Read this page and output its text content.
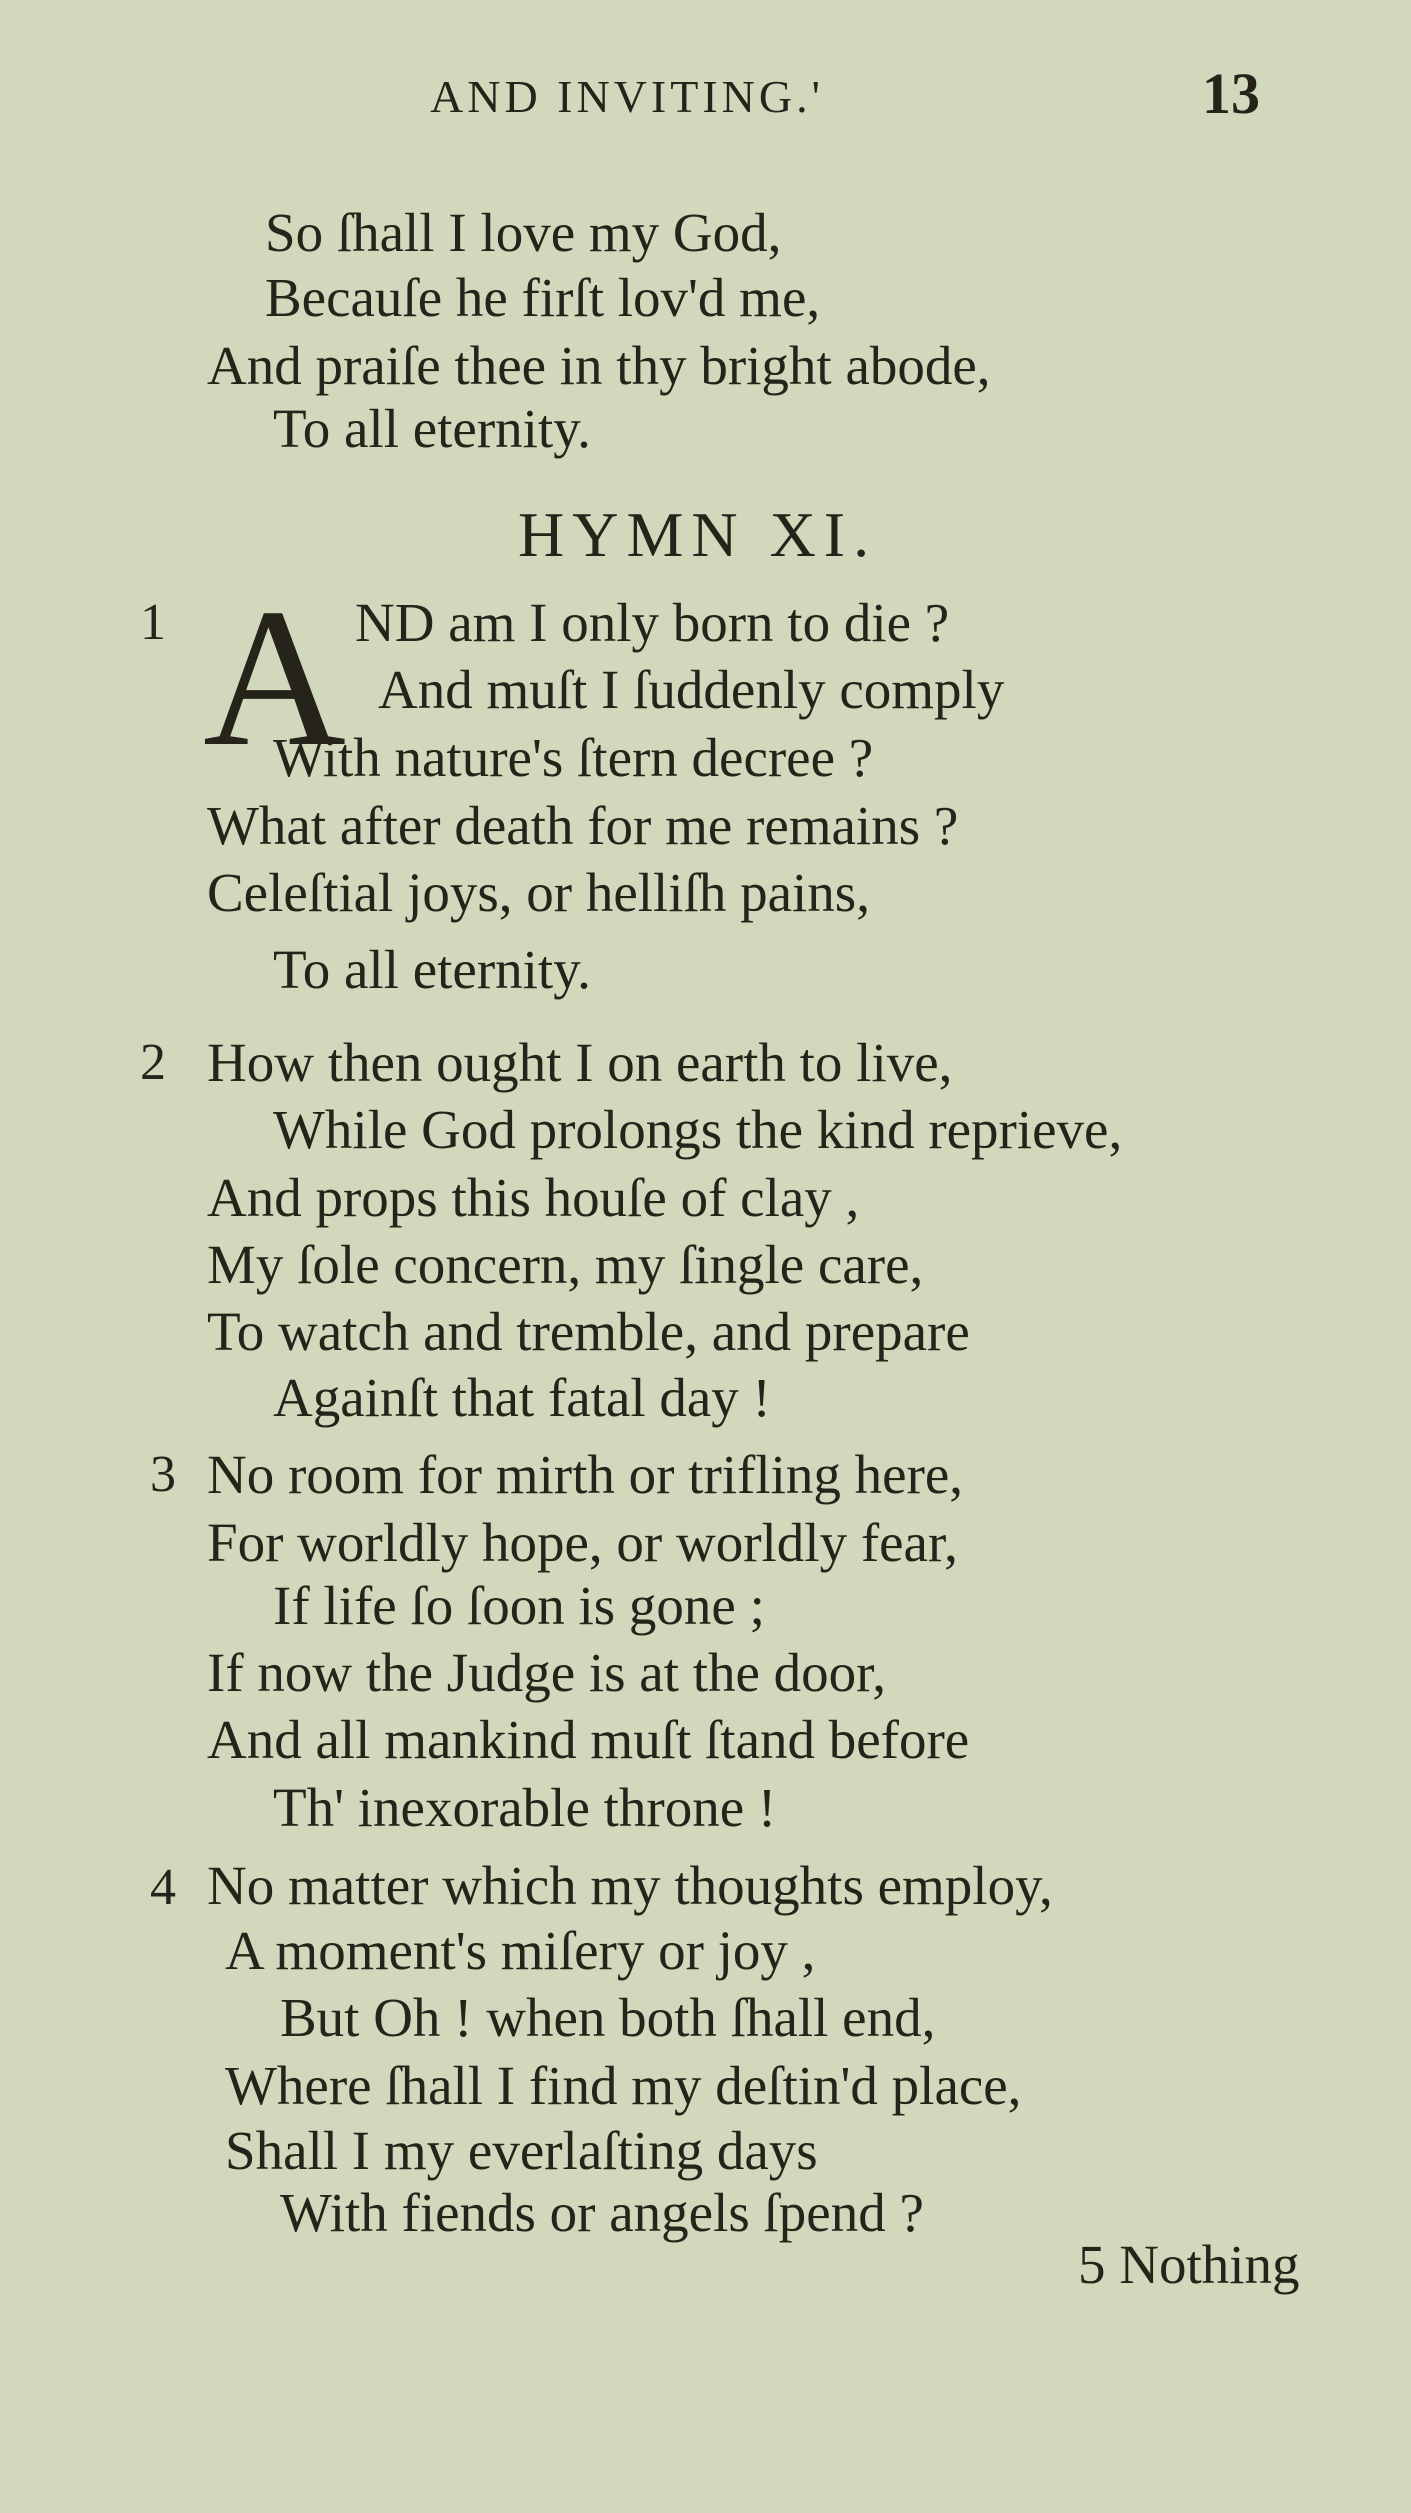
AND INVITING.'	13
So ſhall I love my God,
Becauſe he firſt lov'd me,
And praiſe thee in thy bright abode,
To all eternity.
HYMN XI.
1 A ND am I only born to die ?
And muſt I ſuddenly comply
With nature's ſtern decree ?
What after death for me remains ?
Celeſtial joys, or helliſh pains,
To all eternity.
2 How then ought I on earth to live,
While God prolongs the kind reprieve,
And props this houſe of clay ,
My ſole concern, my ſingle care,
To watch and tremble, and prepare
Againſt that fatal day !
3 No room for mirth or trifling here,
For worldly hope, or worldly fear,
If life ſo ſoon is gone ;
If now the Judge is at the door,
And all mankind muſt ſtand before
Th' inexorable throne !
4 No matter which my thoughts employ,
A moment's miſery or joy ,
But Oh ! when both ſhall end,
Where ſhall I find my deſtin'd place,
Shall I my everlaſting days
With fiends or angels ſpend ?
5 Nothing
